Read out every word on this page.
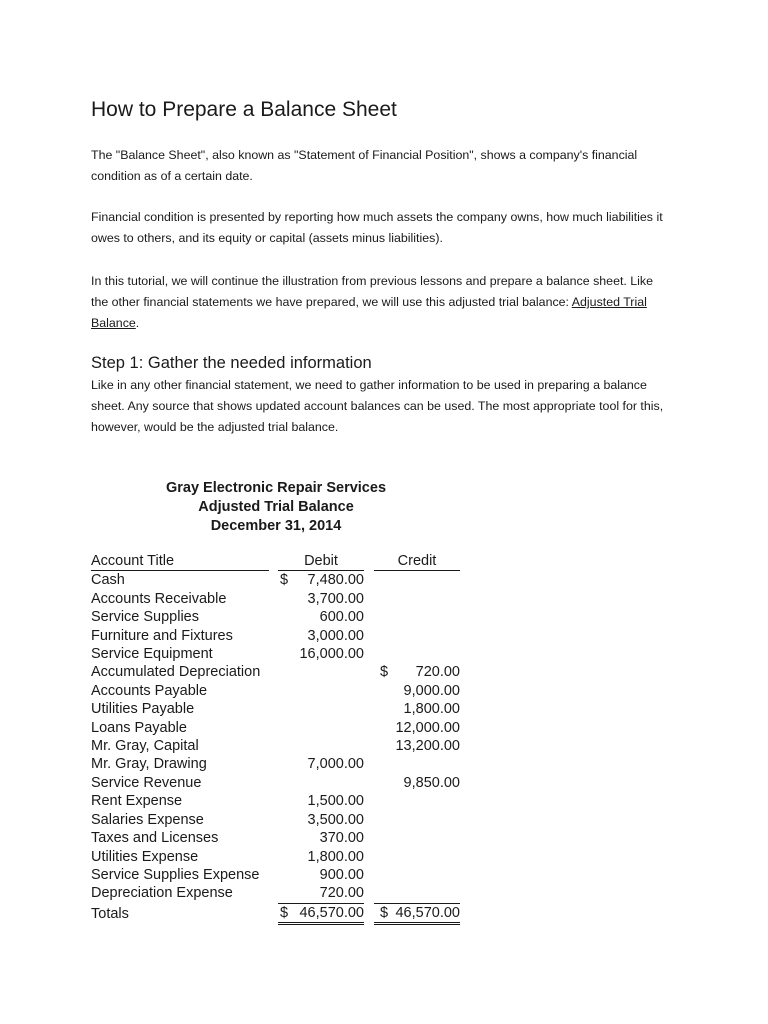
How to Prepare a Balance Sheet

The "Balance Sheet", also known as "Statement of Financial Position", shows a company's financial condition as of a certain date.

Financial condition is presented by reporting how much assets the company owns, how much liabilities it owes to others, and its equity or capital (assets minus liabilities).

In this tutorial, we will continue the illustration from previous lessons and prepare a balance sheet. Like the other financial statements we have prepared, we will use this adjusted trial balance: Adjusted Trial Balance.

Step 1: Gather the needed information

Like in any other financial statement, we need to gather information to be used in preparing a balance sheet. Any source that shows updated account balances can be used. The most appropriate tool for this, however, would be the adjusted trial balance.

Gray Electronic Repair Services
Adjusted Trial Balance
December 31, 2014
Account Title		Debit		Credit
Cash		$ 7,480.00		

Accounts Receivable		3,700.00		

Service Supplies		600.00		

Furniture and Fixtures		3,000.00		

Service Equipment		16,000.00		

Accumulated Depreciation				$ 720.00
Accounts Payable				9,000.00
Utilities Payable				1,800.00
Loans Payable				12,000.00
Mr. Gray, Capital				13,200.00
Mr. Gray, Drawing		7,000.00		

Service Revenue				9,850.00
Rent Expense		1,500.00		

Salaries Expense		3,500.00		

Taxes and Licenses		370.00		

Utilities Expense		1,800.00		

Service Supplies Expense		900.00		

Depreciation Expense		720.00		

Totals		$ 46,570.00		$ 46,570.00
